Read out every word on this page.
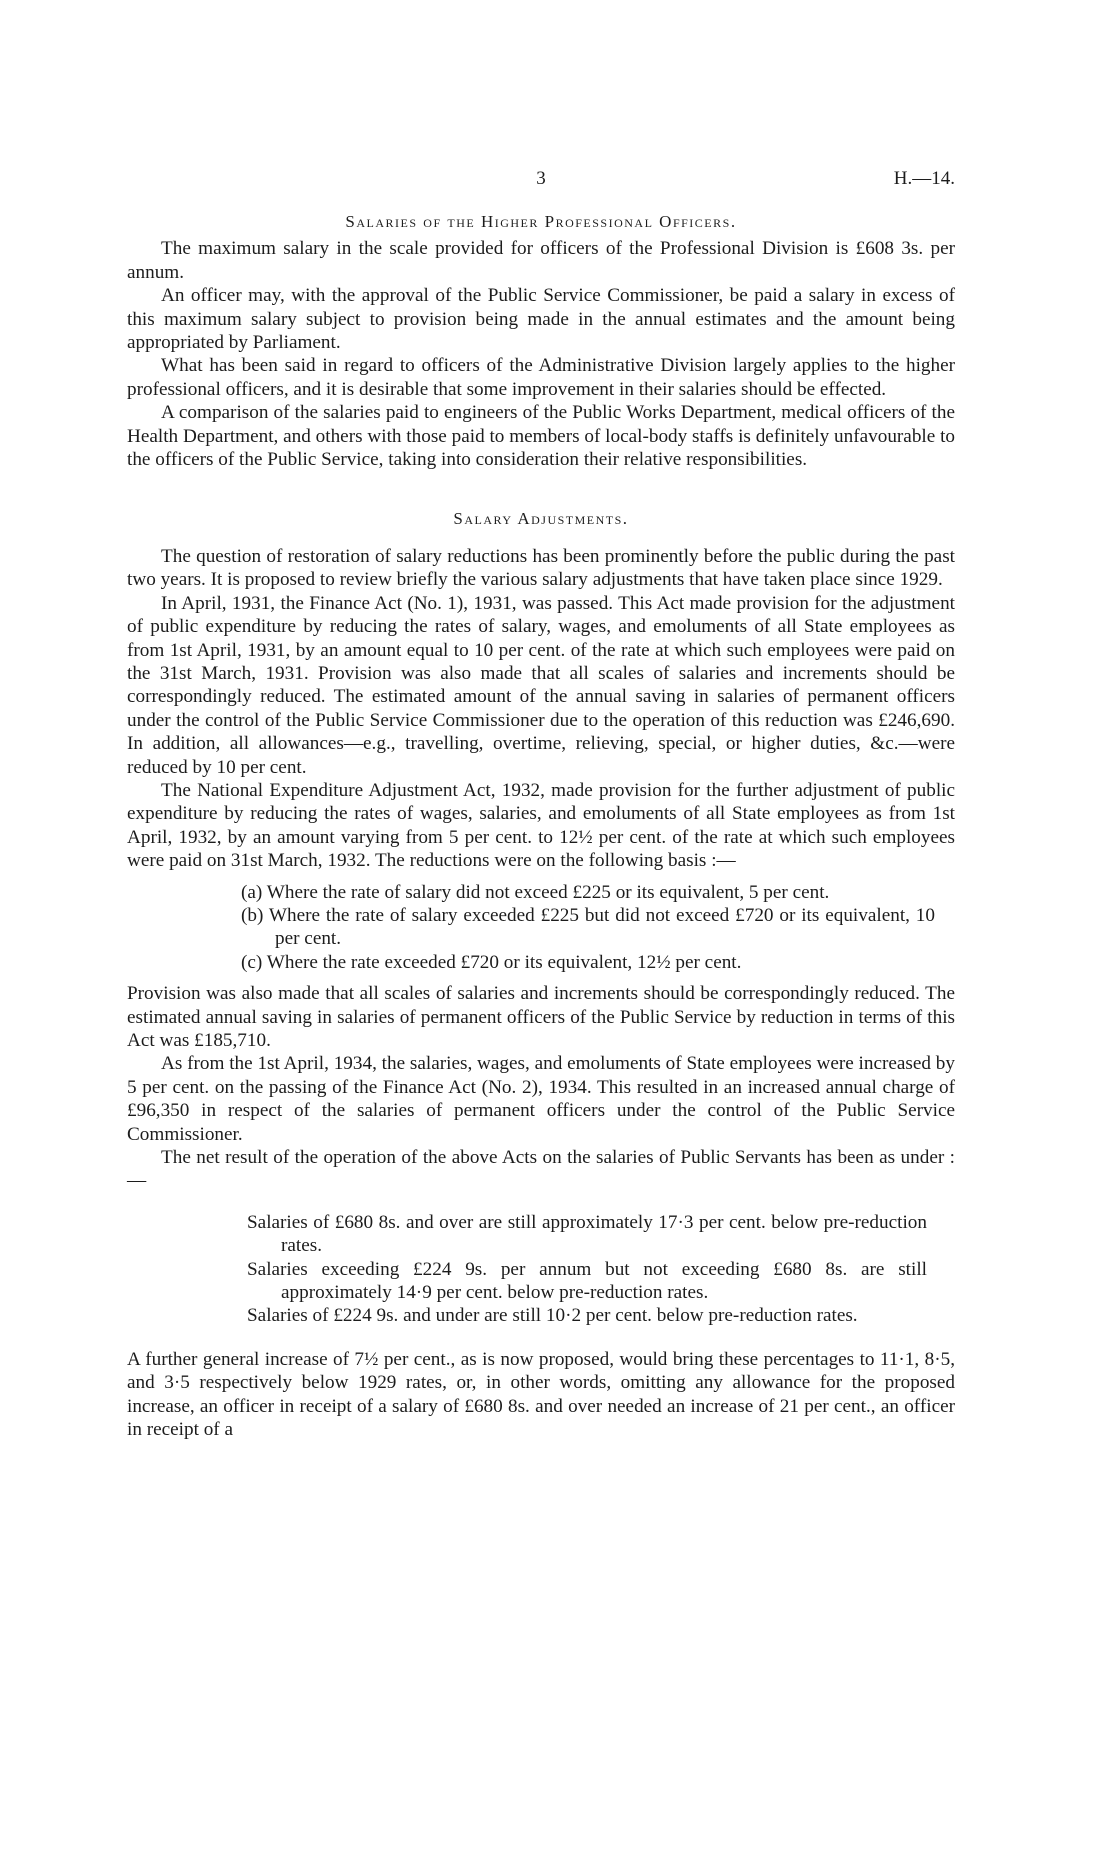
3	H.—14.
Salaries of the Higher Professional Officers.

The maximum salary in the scale provided for officers of the Professional Division is £608 3s. per annum.

An officer may, with the approval of the Public Service Commissioner, be paid a salary in excess of this maximum salary subject to provision being made in the annual estimates and the amount being appropriated by Parliament.

What has been said in regard to officers of the Administrative Division largely applies to the higher professional officers, and it is desirable that some improvement in their salaries should be effected.

A comparison of the salaries paid to engineers of the Public Works Department, medical officers of the Health Department, and others with those paid to members of local-body staffs is definitely unfavourable to the officers of the Public Service, taking into consideration their relative responsibilities.

Salary Adjustments.

The question of restoration of salary reductions has been prominently before the public during the past two years. It is proposed to review briefly the various salary adjustments that have taken place since 1929.

In April, 1931, the Finance Act (No. 1), 1931, was passed. This Act made provision for the adjustment of public expenditure by reducing the rates of salary, wages, and emoluments of all State employees as from 1st April, 1931, by an amount equal to 10 per cent. of the rate at which such employees were paid on the 31st March, 1931. Provision was also made that all scales of salaries and increments should be correspondingly reduced. The estimated amount of the annual saving in salaries of permanent officers under the control of the Public Service Commissioner due to the operation of this reduction was £246,690. In addition, all allowances—e.g., travelling, overtime, relieving, special, or higher duties, &c.—were reduced by 10 per cent.

The National Expenditure Adjustment Act, 1932, made provision for the further adjustment of public expenditure by reducing the rates of wages, salaries, and emoluments of all State employees as from 1st April, 1932, by an amount varying from 5 per cent. to 12½ per cent. of the rate at which such employees were paid on 31st March, 1932. The reductions were on the following basis :—

(a) Where the rate of salary did not exceed £225 or its equivalent, 5 per cent.
(b) Where the rate of salary exceeded £225 but did not exceed £720 or its equivalent, 10 per cent.
(c) Where the rate exceeded £720 or its equivalent, 12½ per cent.

Provision was also made that all scales of salaries and increments should be correspondingly reduced. The estimated annual saving in salaries of permanent officers of the Public Service by reduction in terms of this Act was £185,710.

As from the 1st April, 1934, the salaries, wages, and emoluments of State employees were increased by 5 per cent. on the passing of the Finance Act (No. 2), 1934. This resulted in an increased annual charge of £96,350 in respect of the salaries of permanent officers under the control of the Public Service Commissioner.

The net result of the operation of the above Acts on the salaries of Public Servants has been as under :—

Salaries of £680 8s. and over are still approximately 17·3 per cent. below pre-reduction rates.
Salaries exceeding £224 9s. per annum but not exceeding £680 8s. are still approximately 14·9 per cent. below pre-reduction rates.
Salaries of £224 9s. and under are still 10·2 per cent. below pre-reduction rates.

A further general increase of 7½ per cent., as is now proposed, would bring these percentages to 11·1, 8·5, and 3·5 respectively below 1929 rates, or, in other words, omitting any allowance for the proposed increase, an officer in receipt of a salary of £680 8s. and over needed an increase of 21 per cent., an officer in receipt of a
